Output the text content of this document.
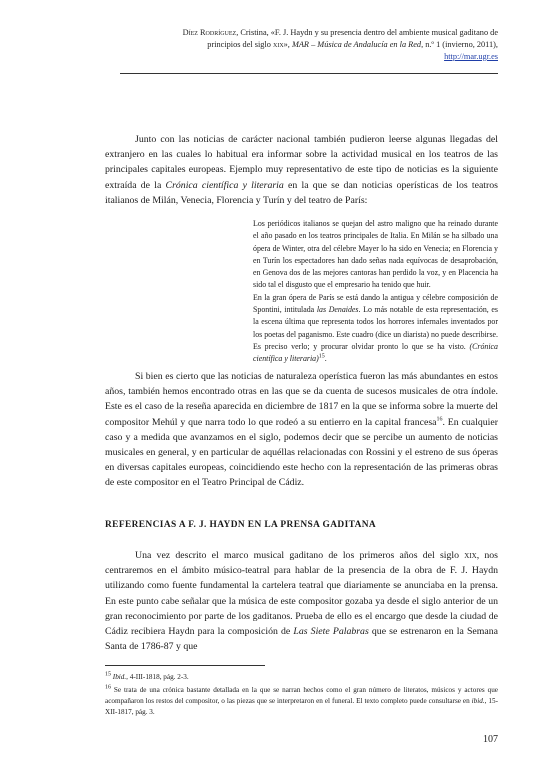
Díez Rodríguez, Cristina, «F. J. Haydn y su presencia dentro del ambiente musical gaditano de
principios del siglo xix», MAR – Música de Andalucía en la Red, n.º 1 (invierno, 2011),
http://mar.ugr.es

Junto con las noticias de carácter nacional también pudieron leerse algunas llegadas del extranjero en las cuales lo habitual era informar sobre la actividad musical en los teatros de las principales capitales europeas. Ejemplo muy representativo de este tipo de noticias es la siguiente extraída de la Crónica científica y literaria en la que se dan noticias operísticas de los teatros italianos de Milán, Venecia, Florencia y Turín y del teatro de París:

Los periódicos italianos se quejan del astro maligno que ha reinado durante el año pasado en los teatros principales de Italia. En Milán se ha silbado una ópera de Winter, otra del célebre Mayer lo ha sido en Venecia; en Florencia y en Turín los espectadores han dado señas nada equívocas de desaprobación, en Genova dos de las mejores cantoras han perdido la voz, y en Placencia ha sido tal el disgusto que el empresario ha tenido que huir.

En la gran ópera de París se está dando la antigua y célebre composición de Spontini, intitulada las Denaides. Lo más notable de esta representación, es la escena última que representa todos los horrores infernales inventados por los poetas del paganismo. Este cuadro (dice un diarista) no puede describirse. Es preciso verlo; y procurar olvidar pronto lo que se ha visto. (Crónica científica y literaria)$^{15}$.

Si bien es cierto que las noticias de naturaleza operística fueron las más abundantes en estos años, también hemos encontrado otras en las que se da cuenta de sucesos musicales de otra índole. Este es el caso de la reseña aparecida en diciembre de 1817 en la que se informa sobre la muerte del compositor Mehúl y que narra todo lo que rodeó a su entierro en la capital francesa$^{16}$. En cualquier caso y a medida que avanzamos en el siglo, podemos decir que se percibe un aumento de noticias musicales en general, y en particular de aquéllas relacionadas con Rossini y el estreno de sus óperas en diversas capitales europeas, coincidiendo este hecho con la representación de las primeras obras de este compositor en el Teatro Principal de Cádiz.

REFERENCIAS A F. J. HAYDN EN LA PRENSA GADITANA

Una vez descrito el marco musical gaditano de los primeros años del siglo xix, nos centraremos en el ámbito músico-teatral para hablar de la presencia de la obra de F. J. Haydn utilizando como fuente fundamental la cartelera teatral que diariamente se anunciaba en la prensa. En este punto cabe señalar que la música de este compositor gozaba ya desde el siglo anterior de un gran reconocimiento por parte de los gaditanos. Prueba de ello es el encargo que desde la ciudad de Cádiz recibiera Haydn para la composición de Las Siete Palabras que se estrenaron en la Semana Santa de 1786-87 y que

$^{15}$ Ibid., 4-III-1818, pág. 2-3.

$^{16}$ Se trata de una crónica bastante detallada en la que se narran hechos como el gran número de literatos, músicos y actores que acompañaron los restos del compositor, o las piezas que se interpretaron en el funeral. El texto completo puede consultarse en ibid., 15-XII-1817, pág. 3.

107
